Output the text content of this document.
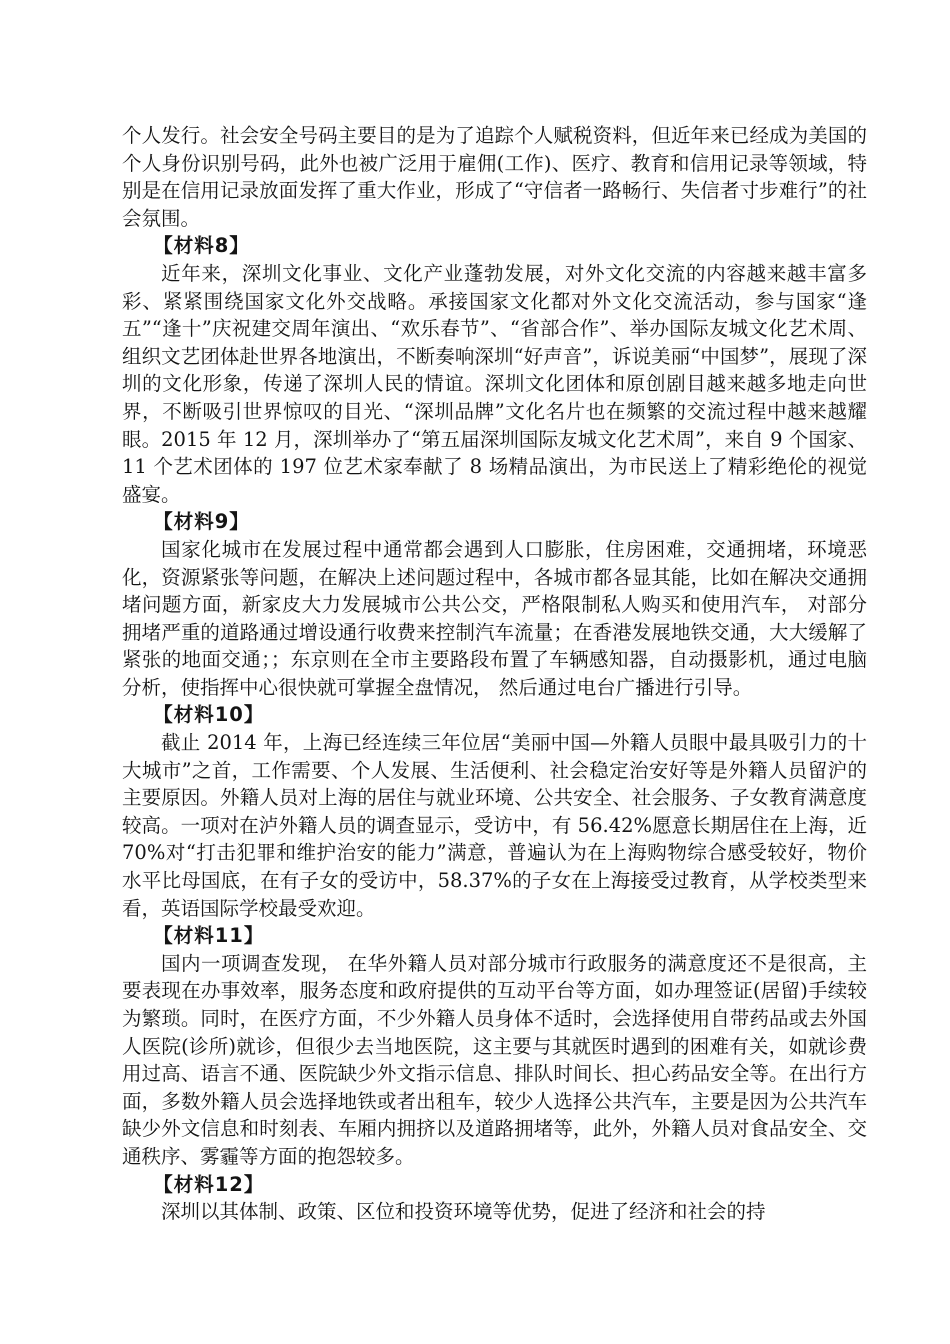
个人发行。社会安全号码主要目的是为了追踪个人赋税资料，但近年来已经成为美国的个人身份识别号码，此外也被广泛用于雇佣(工作)、医疗、教育和信用记录等领域，特别是在信用记录放面发挥了重大作业，形成了“守信者一路畅行、失信者寸步难行”的社会氛围。

【材料8】

近年来，深圳文化事业、文化产业蓬勃发展，对外文化交流的内容越来越丰富多彩、紧紧围绕国家文化外交战略。承接国家文化都对外文化交流活动，参与国家“逢五”“逢十”庆祝建交周年演出、“欢乐春节”、“省部合作”、举办国际友城文化艺术周、组织文艺团体赴世界各地演出，不断奏响深圳“好声音”，诉说美丽“中国梦”，展现了深圳的文化形象，传递了深圳人民的情谊。深圳文化团体和原创剧目越来越多地走向世界，不断吸引世界惊叹的目光、“深圳品牌”文化名片也在频繁的交流过程中越来越耀眼。2015 年 12 月，深圳举办了“第五届深圳国际友城文化艺术周”，来自 9 个国家、11 个艺术团体的 197 位艺术家奉献了 8 场精品演出，为市民送上了精彩绝伦的视觉盛宴。

【材料9】

国家化城市在发展过程中通常都会遇到人口膨胀，住房困难，交通拥堵，环境恶化，资源紧张等问题，在解决上述问题过程中，各城市都各显其能，比如在解决交通拥堵问题方面，新家皮大力发展城市公共公交，严格限制私人购买和使用汽车， 对部分拥堵严重的道路通过增设通行收费来控制汽车流量；在香港发展地铁交通，大大缓解了紧张的地面交通；；东京则在全市主要路段布置了车辆感知器，自动摄影机，通过电脑分析，使指挥中心很快就可掌握全盘情况， 然后通过电台广播进行引导。

【材料10】

截止 2014 年，上海已经连续三年位居“美丽中国—外籍人员眼中最具吸引力的十大城市”之首，工作需要、个人发展、生活便利、社会稳定治安好等是外籍人员留沪的主要原因。外籍人员对上海的居住与就业环境、公共安全、社会服务、子女教育满意度较高。一项对在泸外籍人员的调查显示，受访中，有 56.42%愿意长期居住在上海，近 70%对“打击犯罪和维护治安的能力”满意，普遍认为在上海购物综合感受较好，物价水平比母国底，在有子女的受访中，58.37%的子女在上海接受过教育，从学校类型来看，英语国际学校最受欢迎。

【材料11】

国内一项调查发现， 在华外籍人员对部分城市行政服务的满意度还不是很高，主要表现在办事效率，服务态度和政府提供的互动平台等方面，如办理签证(居留)手续较为繁琐。同时，在医疗方面，不少外籍人员身体不适时，会选择使用自带药品或去外国人医院(诊所)就诊，但很少去当地医院，这主要与其就医时遇到的困难有关，如就诊费用过高、语言不通、医院缺少外文指示信息、排队时间长、担心药品安全等。在出行方面，多数外籍人员会选择地铁或者出租车，较少人选择公共汽车，主要是因为公共汽车缺少外文信息和时刻表、车厢内拥挤以及道路拥堵等，此外，外籍人员对食品安全、交通秩序、雾霾等方面的抱怨较多。

【材料12】

深圳以其体制、政策、区位和投资环境等优势，促进了经济和社会的持
